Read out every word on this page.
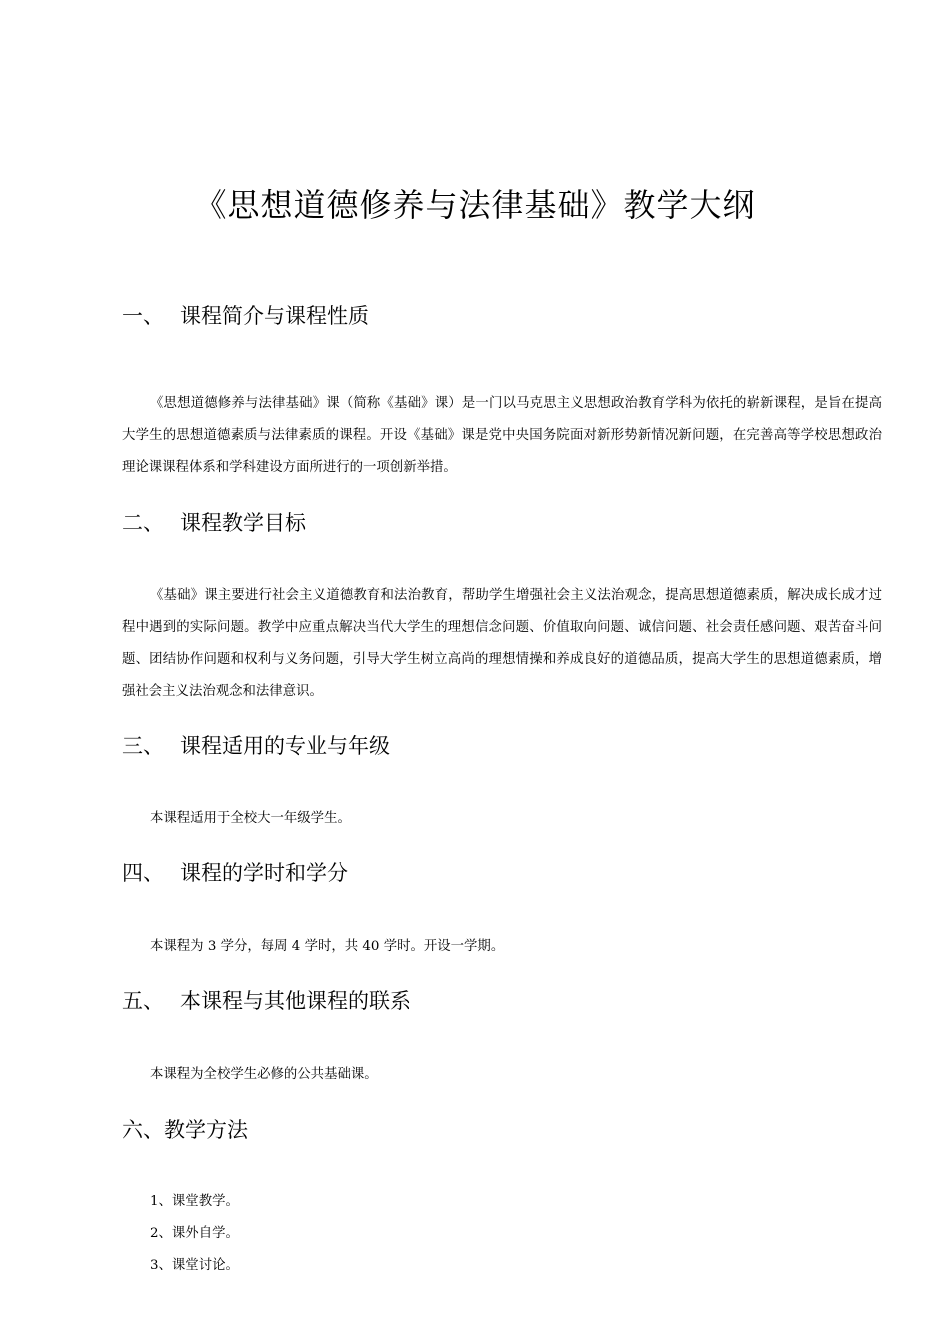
《思想道德修养与法律基础》教学大纲
一、 课程简介与课程性质
《思想道德修养与法律基础》课（简称《基础》课）是一门以马克思主义思想政治教育学科为依托的崭新课程，是旨在提高大学生的思想道德素质与法律素质的课程。开设《基础》课是党中央国务院面对新形势新情况新问题，在完善高等学校思想政治理论课课程体系和学科建设方面所进行的一项创新举措。
二、 课程教学目标
《基础》课主要进行社会主义道德教育和法治教育，帮助学生增强社会主义法治观念，提高思想道德素质，解决成长成才过程中遇到的实际问题。教学中应重点解决当代大学生的理想信念问题、价值取向问题、诚信问题、社会责任感问题、艰苦奋斗问题、团结协作问题和权利与义务问题，引导大学生树立高尚的理想情操和养成良好的道德品质，提高大学生的思想道德素质，增强社会主义法治观念和法律意识。
三、 课程适用的专业与年级
本课程适用于全校大一年级学生。
四、 课程的学时和学分
本课程为 3 学分，每周 4 学时，共 40 学时。开设一学期。
五、 本课程与其他课程的联系
本课程为全校学生必修的公共基础课。
六、教学方法
1、课堂教学。
2、课外自学。
3、课堂讨论。
